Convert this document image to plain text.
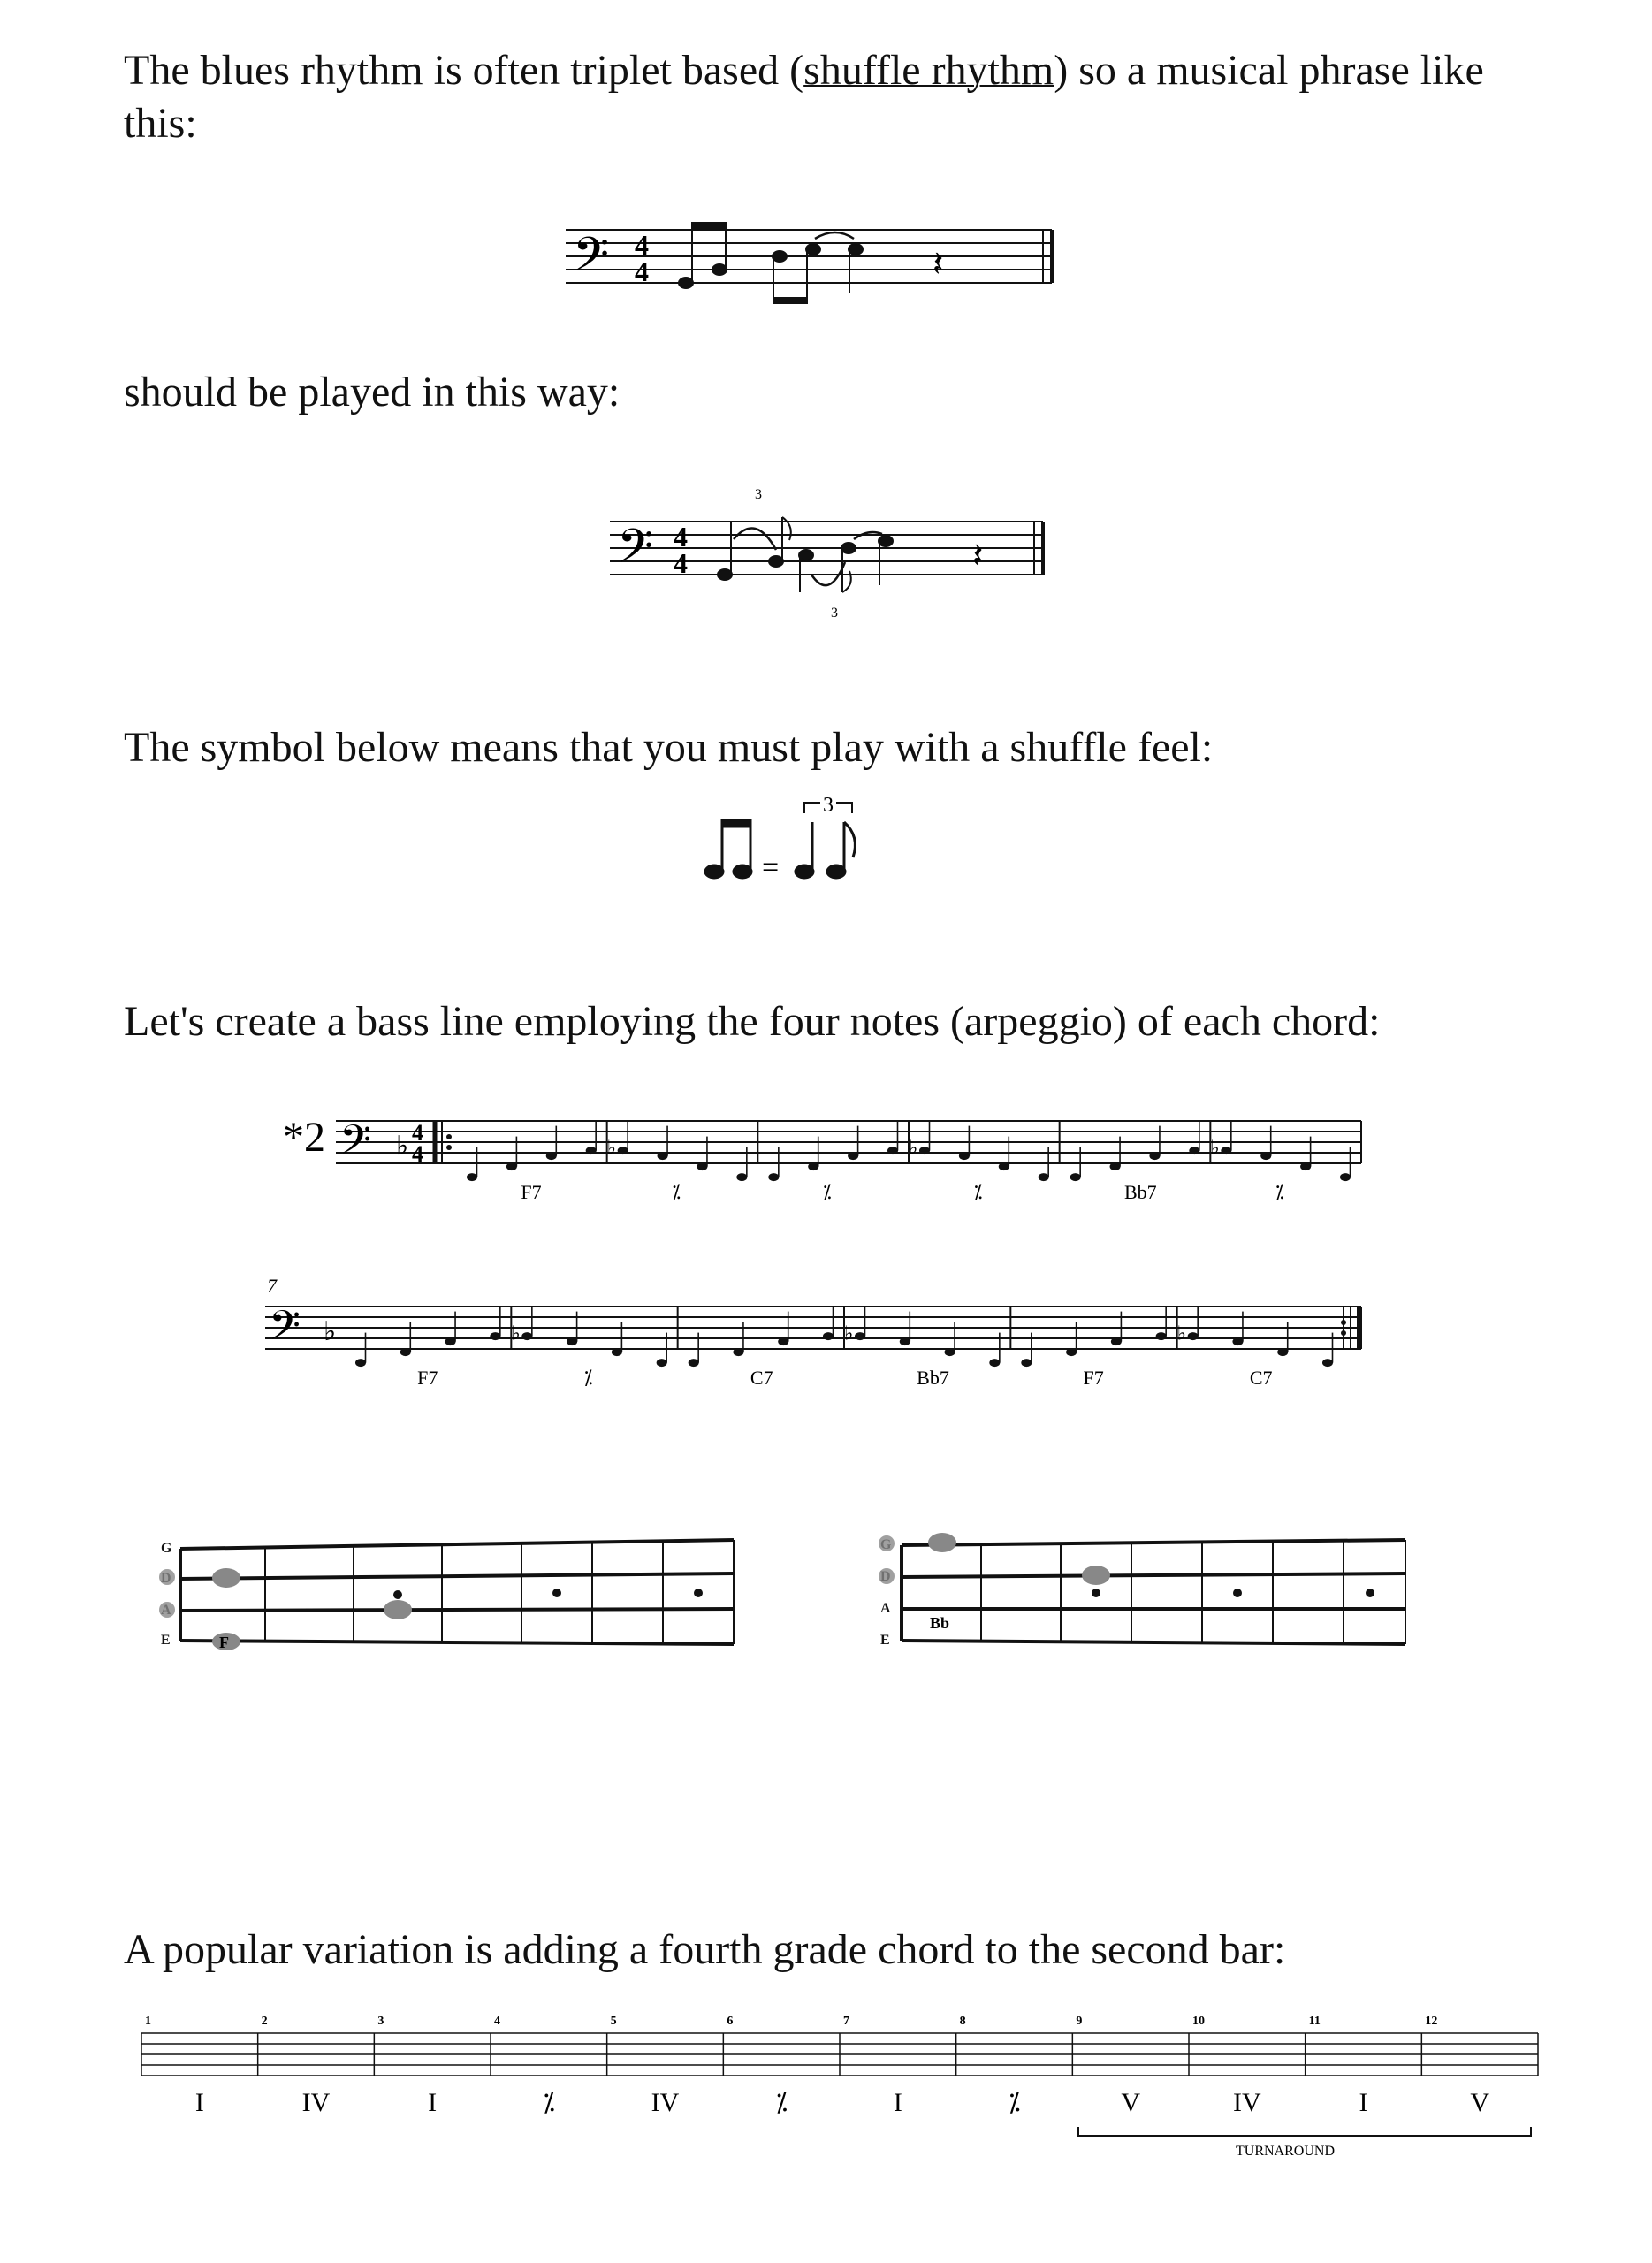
The blues rhythm is often triplet based (shuffle rhythm) so a musical phrase like this:

𝄢 4
4	𝄽

should be played in this way:

𝄢 4
4
3
3
𝄽

The symbol below means that you must play with a shuffle feel:

=
3

Let's create a bass line employing the four notes (arpeggio) of each chord:

*2 𝄢 ♭ 4
4	♭	♭	♭
F7	⁒	⁒	⁒	Bb7	⁒
7
𝄢 ♭	♭	♭	♭
F7	⁒	C7	Bb7	F7	C7
G
E	F
A
E
Bb

A popular variation is adding a fourth grade chord to the second bar:

1	2	3	4	5	6	7	8	9	10	11	12
I	IV	I	⁒	IV	⁒	I	⁒	V	IV	I	V
TURNAROUND
